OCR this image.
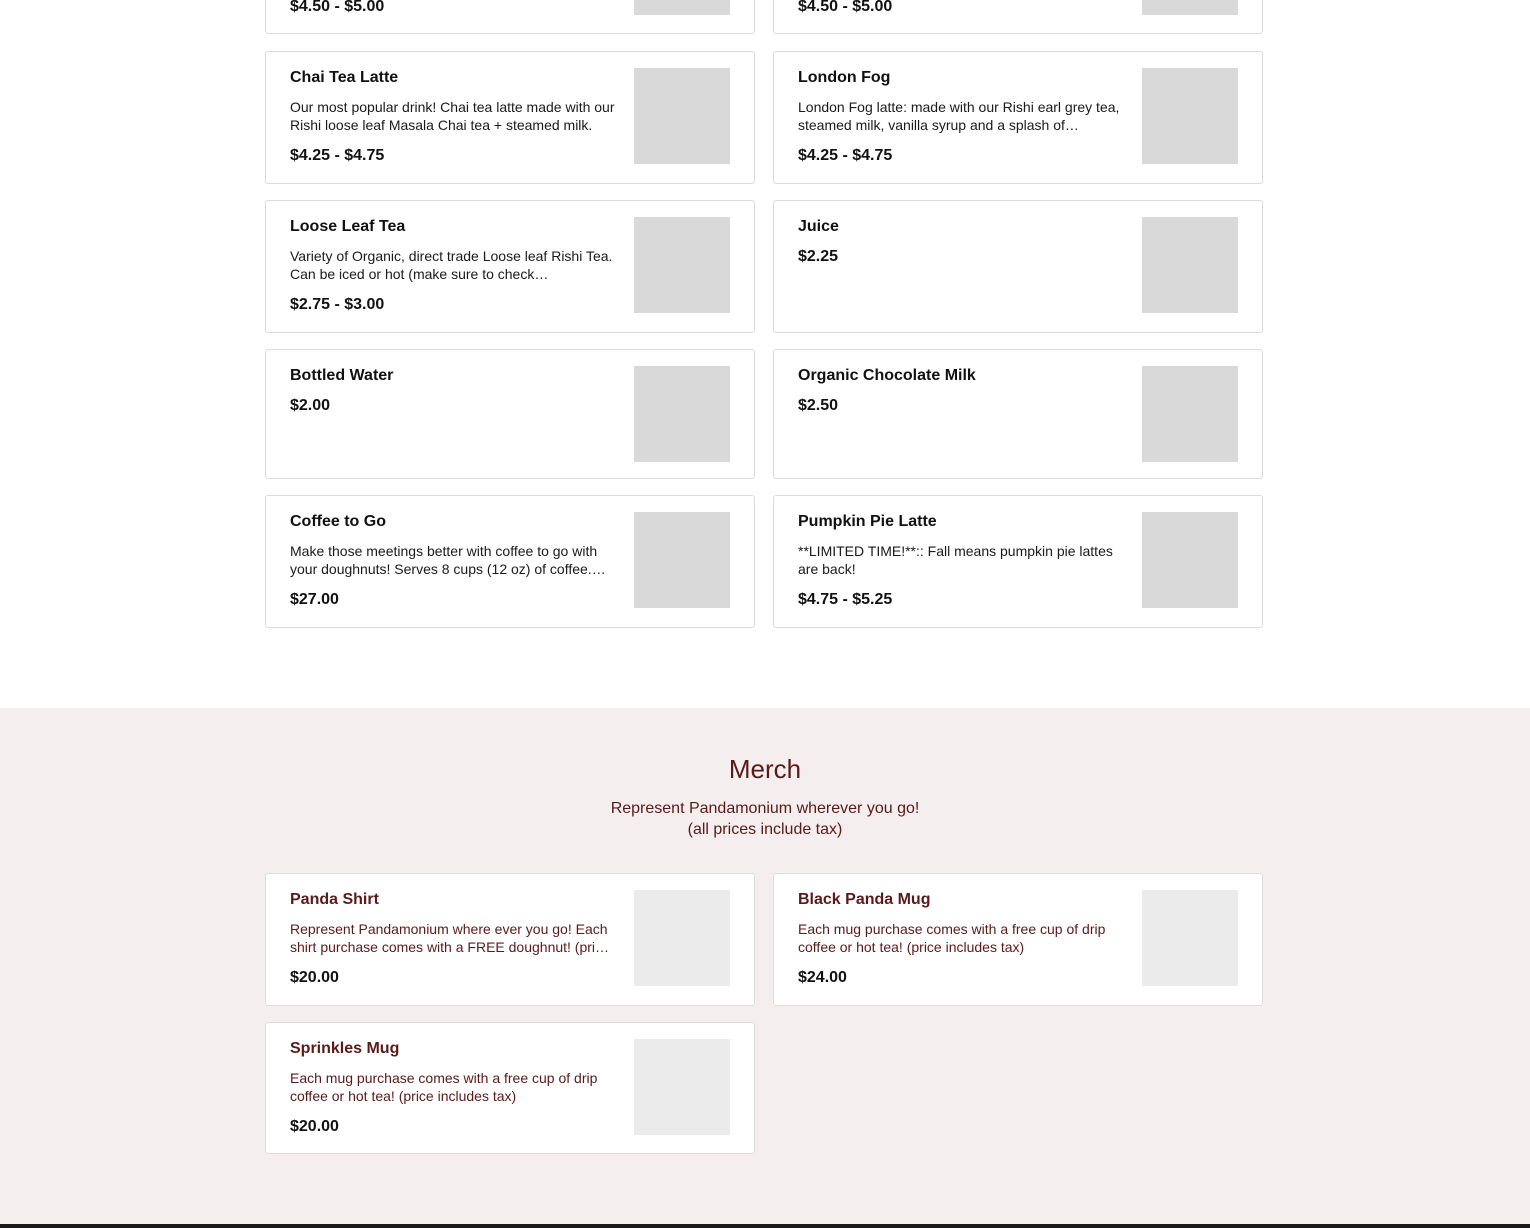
$4.50 - $5.00	$4.50 - $5.00
Chai Tea Latte
Our most popular drink! Chai tea latte made with our Rishi loose leaf Masala Chai tea + steamed milk.
$4.25 - $4.75
London Fog
London Fog latte: made with our Rishi earl grey tea, steamed milk, vanilla syrup and a splash of…
$4.25 - $4.75
Loose Leaf Tea
Variety of Organic, direct trade Loose leaf Rishi Tea. Can be iced or hot (make sure to check…
$2.75 - $3.00
Juice
$2.25
Bottled Water
$2.00
Organic Chocolate Milk
$2.50
Coffee to Go
Make those meetings better with coffee to go with your doughnuts! Serves 8 cups (12 oz) of coffee.…
$27.00
Pumpkin Pie Latte
**LIMITED TIME!**:: Fall means pumpkin pie lattes are back!
$4.75 - $5.25
Merch
Represent Pandamonium wherever you go!
(all prices include tax)
Panda Shirt
Represent Pandamonium where ever you go! Each shirt purchase comes with a FREE doughnut! (pri…
$20.00
Black Panda Mug
Each mug purchase comes with a free cup of drip coffee or hot tea! (price includes tax)
$24.00
Sprinkles Mug
Each mug purchase comes with a free cup of drip coffee or hot tea! (price includes tax)
$20.00
